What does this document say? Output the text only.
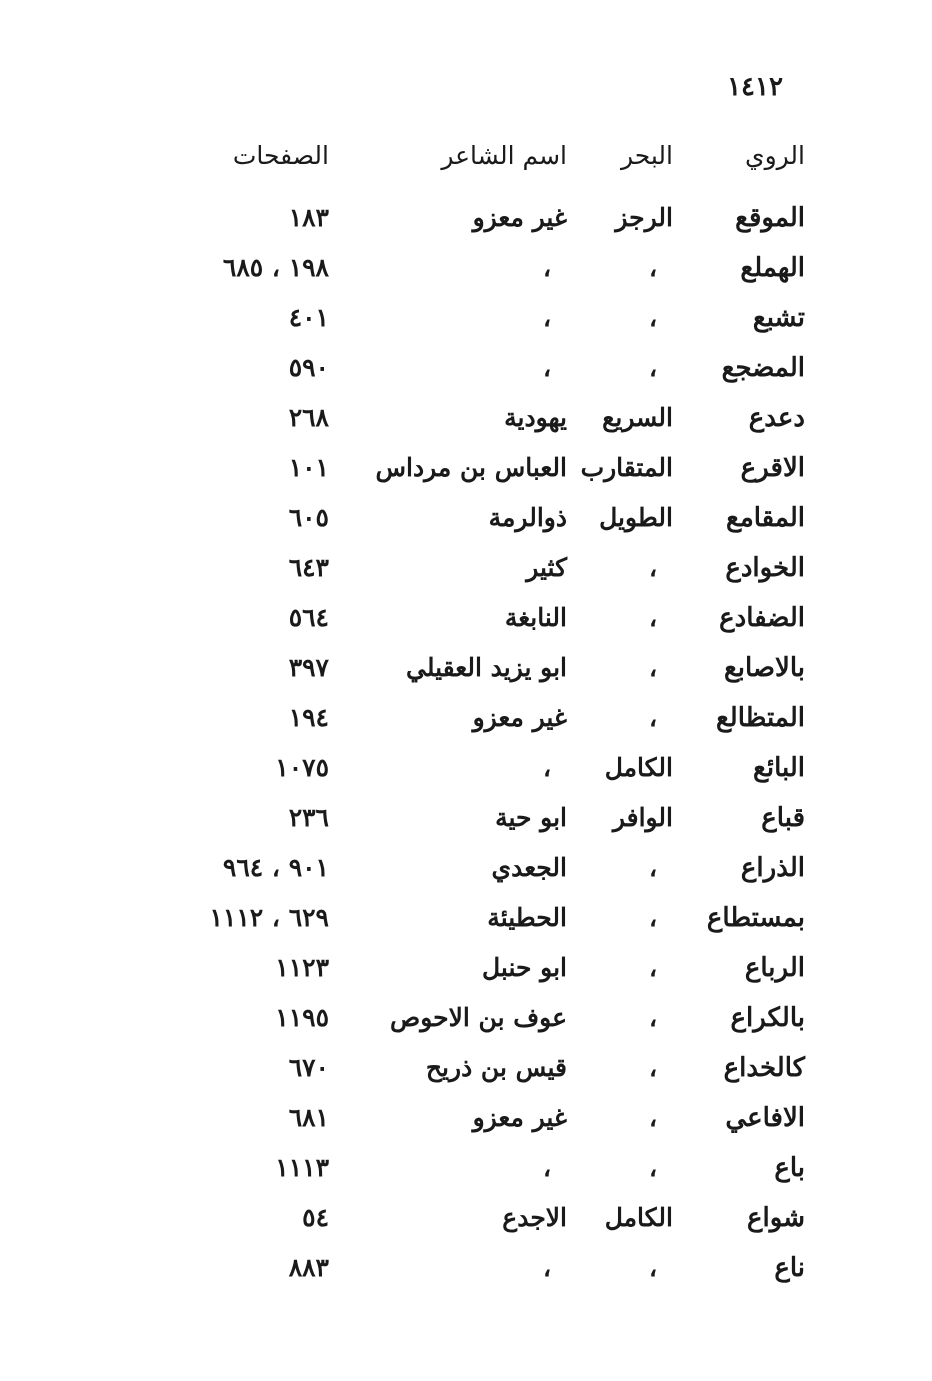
١٤١٢
الروي
البحر
اسم الشاعر
الصفحات
الموقع
الرجز
غير معزو
١٨٣
الهملع
،
،
١٩٨ ، ٦٨٥
تشبع
،
،
٤٠١
المضجع
،
،
٥٩٠
دعدع
السريع
يهودية
٢٦٨
الاقرع
المتقارب
العباس بن مرداس
١٠١
المقامع
الطويل
ذوالرمة
٦٠٥
الخوادع
،
كثير
٦٤٣
الضفادع
،
النابغة
٥٦٤
بالاصابع
،
ابو يزيد العقيلي
٣٩٧
المتظالع
،
غير معزو
١٩٤
البائع
الكامل
،
١٠٧٥
قباع
الوافر
ابو حية
٢٣٦
الذراع
،
الجعدي
٩٠١ ، ٩٦٤
بمستطاع
،
الحطيئة
٦٢٩ ، ١١١٢
الرباع
،
ابو حنبل
١١٢٣
بالكراع
،
عوف بن الاحوص
١١٩٥
كالخداع
،
قيس بن ذريح
٦٧٠
الافاعي
،
غير معزو
٦٨١
باع
،
،
١١١٣
شواع
الكامل
الاجدع
٥٤
ناع
،
،
٨٨٣
